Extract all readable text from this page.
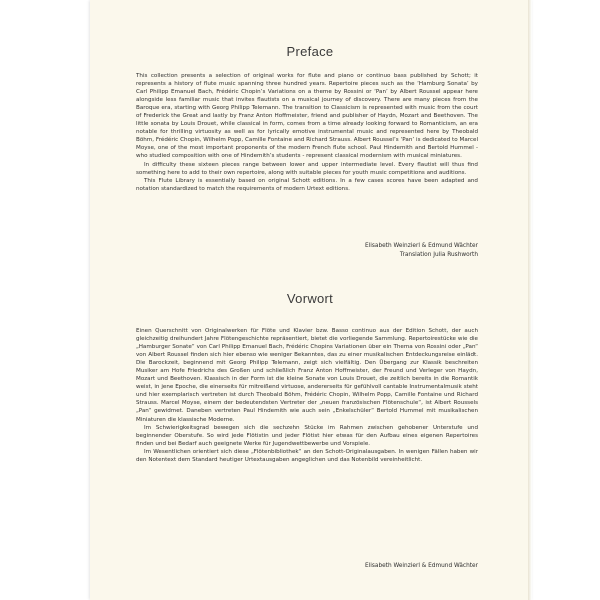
Preface

This collection presents a selection of original works for flute and piano or continuo bass published by Schott; it represents a history of flute music spanning three hundred years. Repertoire pieces such as the ‘Hamburg Sonata’ by Carl Philipp Emanuel Bach, Frédéric Chopin’s Variations on a theme by Rossini or ‘Pan’ by Albert Roussel appear here alongside less familiar music that invites flautists on a musical journey of discovery. There are many pieces from the Baroque era, starting with Georg Philipp Telemann. The transition to Classicism is represented with music from the court of Frederick the Great and lastly by Franz Anton Hoffmeister, friend and publisher of Haydn, Mozart and Beethoven. The little sonata by Louis Drouet, while classical in form, comes from a time already looking forward to Romanticism, an era notable for thrilling virtuosity as well as for lyrically emotive instrumental music and represented here by Theobald Böhm, Frédéric Chopin, Wilhelm Popp, Camille Fontaine and Richard Strauss. Albert Roussel’s ‘Pan’ is dedicated to Marcel Moyse, one of the most important proponents of the modern French flute school. Paul Hindemith and Bertold Hummel - who studied composition with one of Hindemith’s students - represent classical modernism with musical miniatures.

In difficulty these sixteen pieces range between lower and upper intermediate level. Every flautist will thus find something here to add to their own repertoire, along with suitable pieces for youth music competitions and auditions.

This Flute Library is essentially based on original Schott editions. In a few cases scores have been adapted and notation standardized to match the requirements of modern Urtext editions.

Elisabeth Weinzierl & Edmund Wächter
Translation Julia Rushworth
Vorwort

Einen Querschnitt von Originalwerken für Flöte und Klavier bzw. Basso continuo aus der Edition Schott, der auch gleichzeitig dreihundert Jahre Flötengeschichte repräsentiert, bietet die vorliegende Sammlung. Repertoirestücke wie die „Hamburger Sonate“ von Carl Philipp Emanuel Bach, Frédéric Chopins Variationen über ein Thema von Rossini oder „Pan“ von Albert Roussel finden sich hier ebenso wie weniger Bekanntes, das zu einer musikalischen Entdeckungsreise einlädt. Die Barockzeit, beginnend mit Georg Philipp Telemann, zeigt sich vielfältig. Den Übergang zur Klassik beschreiten Musiker am Hofe Friedrichs des Großen und schließlich Franz Anton Hoffmeister, der Freund und Verleger von Haydn, Mozart und Beethoven. Klassisch in der Form ist die kleine Sonate von Louis Drouet, die zeitlich bereits in die Romantik weist, in jene Epoche, die einerseits für mitreißend virtuose, andererseits für gefühlvoll cantable Instrumentalmusik steht und hier exemplarisch vertreten ist durch Theobald Böhm, Frédéric Chopin, Wilhelm Popp, Camille Fontaine und Richard Strauss. Marcel Moyse, einem der bedeutendsten Vertreter der „neuen französischen Flötenschule“, ist Albert Roussels „Pan“ gewidmet. Daneben vertreten Paul Hindemith wie auch sein „Enkelschüler“ Bertold Hummel mit musikalischen Miniaturen die klassische Moderne.

Im Schwierigkeitsgrad bewegen sich die sechzehn Stücke im Rahmen zwischen gehobener Unterstufe und beginnender Oberstufe. So wird jede Flötistin und jeder Flötist hier etwas für den Aufbau eines eigenen Repertoires finden und bei Bedarf auch geeignete Werke für Jugendwettbewerbe und Vorspiele.

Im Wesentlichen orientiert sich diese „Flötenbibliothek“ an den Schott-Originalausgaben. In wenigen Fällen haben wir den Notentext dem Standard heutiger Urtextausgaben angeglichen und das Notenbild vereinheitlicht.

Elisabeth Weinzierl & Edmund Wächter
